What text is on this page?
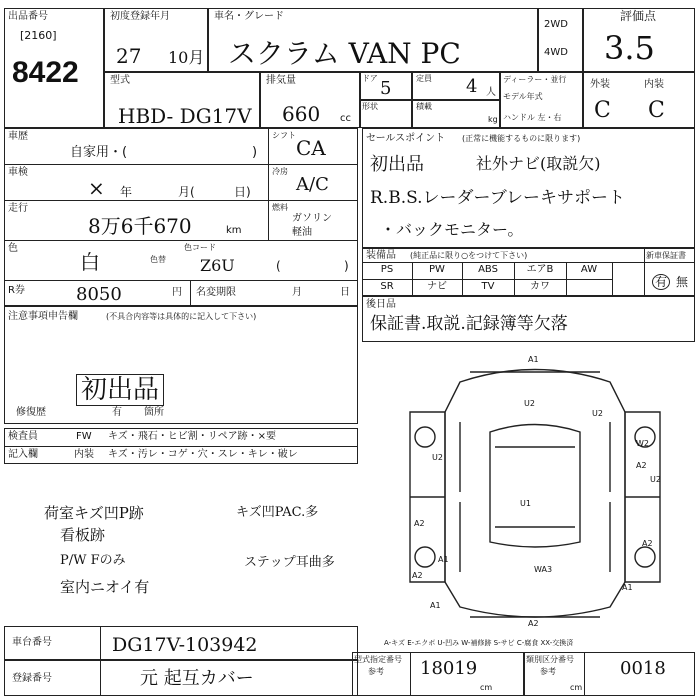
出品番号
[2160]
8422
初度登録年月
27 10月
車名・グレード
スクラム VAN PC
2WD
4WD
評価点
3.5
型式
HBD- DG17V
排気量
660 cc
ドア 5	定員 4 人
形状	積載
kg
ディーラー・並行
モデル年式
ハンドル 左・右
外装	内装
C C
車歴
自家用・(	)
シフト
CA
車検
× 年	月(	日)
冷房
A/C
走行
8万6千670	km
燃料
ガソリン
軽油
色
白	色替
色コード
Z6U	(	)
R券	8050	円 名変期限	月	日
注意事項申告欄	(不具合内容等は具体的に記入して下さい)
初出品
修復歴	有 箇所
セールスポイント (正常に機能するものに限ります)
初出品	社外ナビ(取説欠)
R.B.S.レーダーブレーキサポート
・バックモニター。
装備品 (純正品に限り○をつけて下さい)	新車保証書
PS	PW	ABS	エアB	AW
SR	ナビ	TV	カワ	有 無
後日品
保証書.取説.記録簿等欠落
検査員
記入欄
FW キズ・飛石・ヒビ割・リペア跡・×要
内装 キズ・汚レ・コゲ・穴・スレ・キレ・破レ
荷室キズ凹P跡	キズ凹PAC.多
看板跡
P/W Fのみ	ステップ耳曲多
室内ニオイ有
A1
U2
U2
U2
W2
U1
A2
U2
A2
A1
A2
A2
A1
WA3
A1
A2
A-キズ E-エクボ U-凹み W-補修跡 S-サビ C-腐食 XX-交換済
車台番号	DG17V-103942
登録番号	元 起互カバー
型式指定番号
参考 18019
cm
類別区分番号
参考	0018
cm
